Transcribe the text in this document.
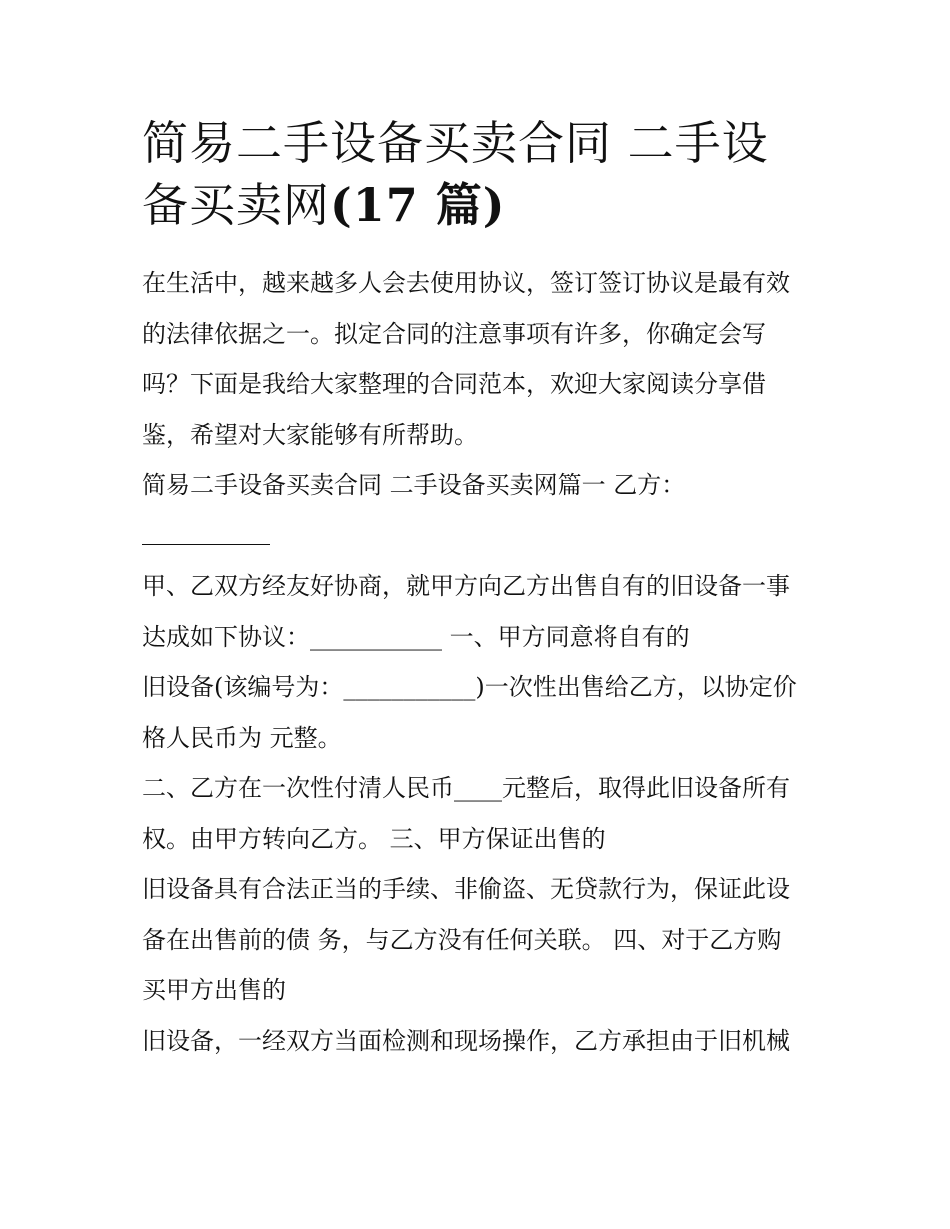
简易二手设备买卖合同 二手设
备买卖网(17 篇)
在生活中，越来越多人会去使用协议，签订签订协议是最有效
的法律依据之一。拟定合同的注意事项有许多，你确定会写
吗？下面是我给大家整理的合同范本，欢迎大家阅读分享借
鉴，希望对大家能够有所帮助。
简易二手设备买卖合同 二手设备买卖网篇一 乙方：
甲、乙双方经友好协商，就甲方向乙方出售自有的旧设备一事
达成如下协议：___________ 一、甲方同意将自有的
旧设备(该编号为：___________)一次性出售给乙方，以协定价
格人民币为 元整。
二、乙方在一次性付清人民币____元整后，取得此旧设备所有
权。由甲方转向乙方。 三、甲方保证出售的
旧设备具有合法正当的手续、非偷盗、无贷款行为，保证此设
备在出售前的债 务，与乙方没有任何关联。 四、对于乙方购
买甲方出售的
旧设备，一经双方当面检测和现场操作，乙方承担由于旧机械
